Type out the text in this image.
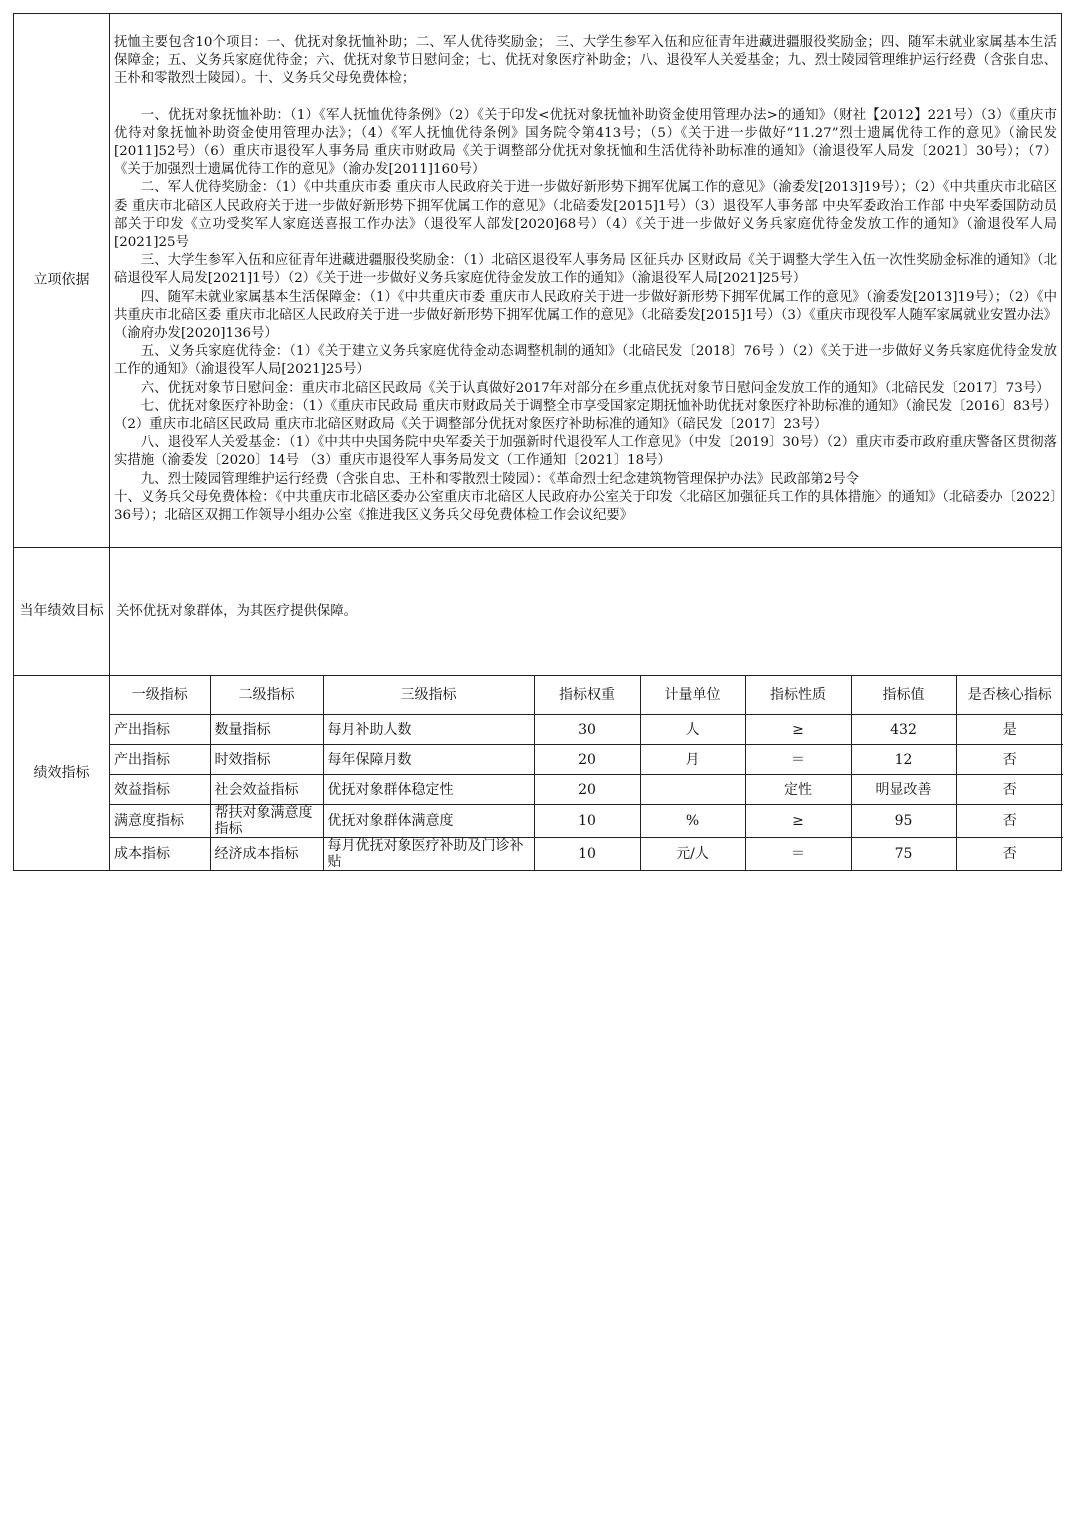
立项依据	

抚恤主要包含10个项目：一、优抚对象抚恤补助；二、军人优待奖励金； 三、大学生参军入伍和应征青年进藏进疆服役奖励金；四、随军未就业家属基本生活保障金；五、义务兵家庭优待金；六、优抚对象节日慰问金；七、优抚对象医疗补助金；八、退役军人关爱基金；九、烈士陵园管理维护运行经费（含张自忠、王朴和零散烈士陵园）。十、义务兵父母免费体检；

一、优抚对象抚恤补助：（1）《军人抚恤优待条例》（2）《关于印发<优抚对象抚恤补助资金使用管理办法>的通知》（财社【2012】221号）（3）《重庆市优待对象抚恤补助资金使用管理办法》；（4）《军人抚恤优待条例》国务院令第413号；（5）《关于进一步做好“11.27”烈士遗属优待工作的意见》（渝民发[2011]52号）（6）重庆市退役军人事务局 重庆市财政局《关于调整部分优抚对象抚恤和生活优待补助标准的通知》（渝退役军人局发〔2021〕30号）；（7）《关于加强烈士遗属优待工作的意见》（渝办发[2011]160号）

二、军人优待奖励金：（1）《中共重庆市委 重庆市人民政府关于进一步做好新形势下拥军优属工作的意见》（渝委发[2013]19号）；（2）《中共重庆市北碚区委 重庆市北碚区人民政府关于进一步做好新形势下拥军优属工作的意见》（北碚委发[2015]1号）（3）退役军人事务部 中央军委政治工作部 中央军委国防动员部关于印发《立功受奖军人家庭送喜报工作办法》（退役军人部发[2020]68号）（4）《关于进一步做好义务兵家庭优待金发放工作的通知》（渝退役军人局[2021]25号

三、大学生参军入伍和应征青年进藏进疆服役奖励金：（1）北碚区退役军人事务局 区征兵办 区财政局《关于调整大学生入伍一次性奖励金标准的通知》（北碚退役军人局发[2021]1号）（2）《关于进一步做好义务兵家庭优待金发放工作的通知》（渝退役军人局[2021]25号）

四、随军未就业家属基本生活保障金：（1）《中共重庆市委 重庆市人民政府关于进一步做好新形势下拥军优属工作的意见》（渝委发[2013]19号）；（2）《中共重庆市北碚区委 重庆市北碚区人民政府关于进一步做好新形势下拥军优属工作的意见》（北碚委发[2015]1号）（3）《重庆市现役军人随军家属就业安置办法》（渝府办发[2020]136号）

五、义务兵家庭优待金：（1）《关于建立义务兵家庭优待金动态调整机制的通知》（北碚民发〔2018〕76号 ）（2）《关于进一步做好义务兵家庭优待金发放工作的通知》（渝退役军人局[2021]25号）

六、优抚对象节日慰问金：重庆市北碚区民政局《关于认真做好2017年对部分在乡重点优抚对象节日慰问金发放工作的通知》（北碚民发〔2017〕73号）

七、优抚对象医疗补助金：（1）《重庆市民政局 重庆市财政局关于调整全市享受国家定期抚恤补助优抚对象医疗补助标准的通知》（渝民发〔2016〕83号） （2）重庆市北碚区民政局 重庆市北碚区财政局《关于调整部分优抚对象医疗补助标准的通知》（碚民发〔2017〕23号）

八、退役军人关爱基金：（1）《中共中央国务院中央军委关于加强新时代退役军人工作意见》（中发〔2019〕30号）（2）重庆市委市政府重庆警备区贯彻落实措施（渝委发〔2020〕14号 （3）重庆市退役军人事务局发文（工作通知〔2021〕18号）

九、烈士陵园管理维护运行经费（含张自忠、王朴和零散烈士陵园）：《革命烈士纪念建筑物管理保护办法》民政部第2号令

十、义务兵父母免费体检：《中共重庆市北碚区委办公室重庆市北碚区人民政府办公室关于印发〈北碚区加强征兵工作的具体措施〉的通知》（北碚委办〔2022〕36号）；北碚区双拥工作领导小组办公室《推进我区义务兵父母免费体检工作会议纪要》

当年绩效目标	关怀优抚对象群体，为其医疗提供保障。

绩效指标	
一级指标	二级指标	三级指标	指标权重	计量单位	指标性质	指标值	是否核心指标
产出指标	数量指标	每月补助人数	30	人	≥	432	是
产出指标	时效指标	每年保障月数	20	月	＝	12	否
效益指标	社会效益指标	优抚对象群体稳定性	20		定性	明显改善	否
满意度指标	帮扶对象满意度指标	优抚对象群体满意度	10	%	≥	95	否
成本指标	经济成本指标	每月优抚对象医疗补助及门诊补贴	10	元/人	＝	75	否
